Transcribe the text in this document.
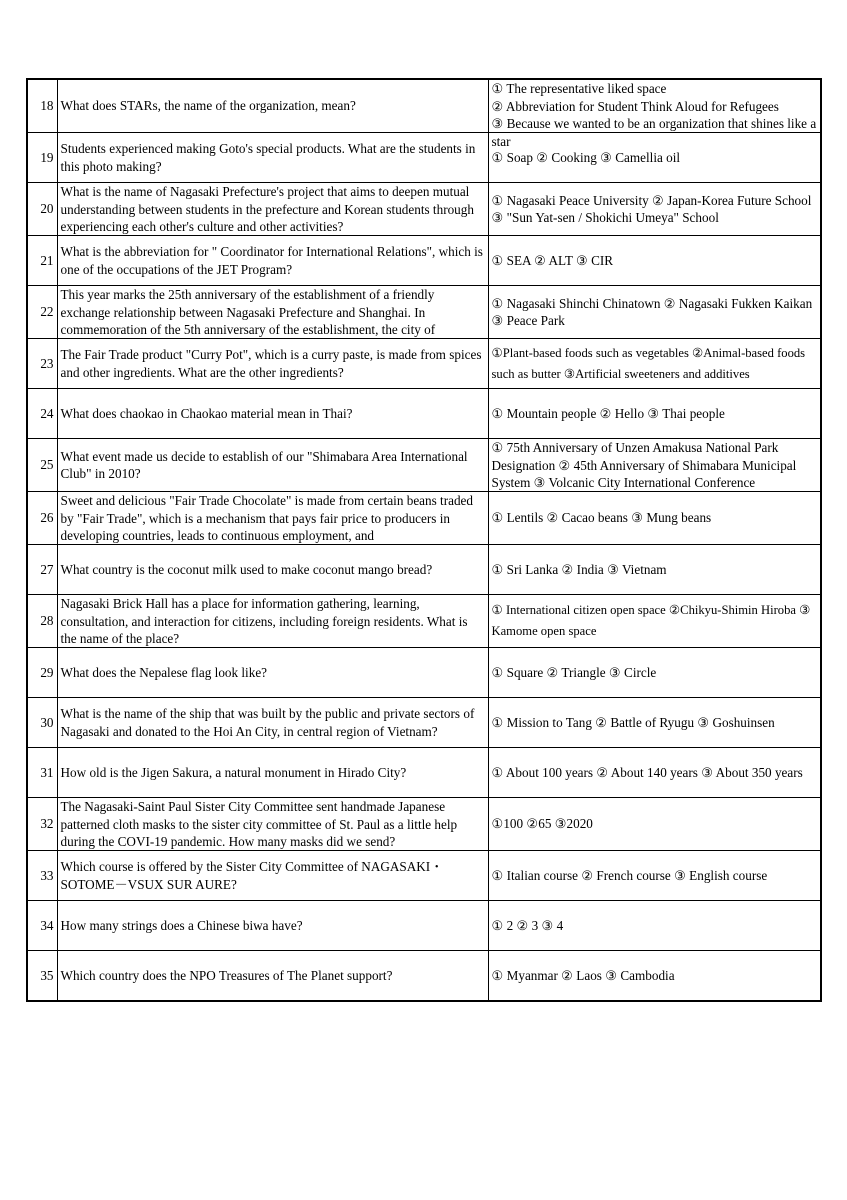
18	What does STARs, the name of the organization, mean?	① The representative liked space
② Abbreviation for Student Think Aloud for Refugees
③ Because we wanted to be an organization that shines like a star

19	Students experienced making Goto's special products. What are the students in this photo making?	① Soap ② Cooking ③ Camellia oil

20	What is the name of Nagasaki Prefecture's project that aims to deepen mutual understanding between students in the prefecture and Korean students through experiencing each other's culture and other activities?	① Nagasaki Peace University ② Japan-Korea Future School ③ "Sun Yat-sen / Shokichi Umeya" School

21	What is the abbreviation for " Coordinator for International Relations", which is one of the occupations of the JET Program?	① SEA ② ALT ③ CIR

22	This year marks the 25th anniversary of the establishment of a friendly exchange relationship between Nagasaki Prefecture and Shanghai. In commemoration of the 5th anniversary of the establishment, the city of	① Nagasaki Shinchi Chinatown ② Nagasaki Fukken Kaikan
③ Peace Park

23	The Fair Trade product "Curry Pot", which is a curry paste, is made from spices and other ingredients. What are the other ingredients?	①Plant-based foods such as vegetables ②Animal-based foods such as butter ③Artificial sweeteners and additives

24	What does chaokao in Chaokao material mean in Thai?	① Mountain people ② Hello ③ Thai people

25	What event made us decide to establish of our "Shimabara Area International Club" in 2010?	① 75th Anniversary of Unzen Amakusa National Park Designation ② 45th Anniversary of Shimabara Municipal System ③ Volcanic City International Conference

26	Sweet and delicious "Fair Trade Chocolate" is made from certain beans traded by "Fair Trade", which is a mechanism that pays fair price to producers in developing countries, leads to continuous employment, and	① Lentils ② Cacao beans ③ Mung beans

27	What country is the coconut milk used to make coconut mango bread?	① Sri Lanka ② India ③ Vietnam

28	Nagasaki Brick Hall has a place for information gathering, learning, consultation, and interaction for citizens, including foreign residents. What is the name of the place?	① International citizen open space ②Chikyu-Shimin Hiroba ③ Kamome open space

29	What does the Nepalese flag look like?	① Square ② Triangle ③ Circle

30	What is the name of the ship that was built by the public and private sectors of Nagasaki and donated to the Hoi An City, in central region of Vietnam?	① Mission to Tang ② Battle of Ryugu ③ Goshuinsen

31	How old is the Jigen Sakura, a natural monument in Hirado City?	① About 100 years ② About 140 years ③ About 350 years

32	The Nagasaki-Saint Paul Sister City Committee sent handmade Japanese patterned cloth masks to the sister city committee of St. Paul as a little help during the COVI-19 pandemic. How many masks did we send?	①100 ②65 ③2020

33	Which course is offered by the Sister City Committee of NAGASAKI・SOTOME－VSUX SUR AURE?	① Italian course ② French course ③ English course

34	How many strings does a Chinese biwa have?	① 2 ② 3 ③ 4

35	Which country does the NPO Treasures of The Planet support?	① Myanmar ② Laos ③ Cambodia
